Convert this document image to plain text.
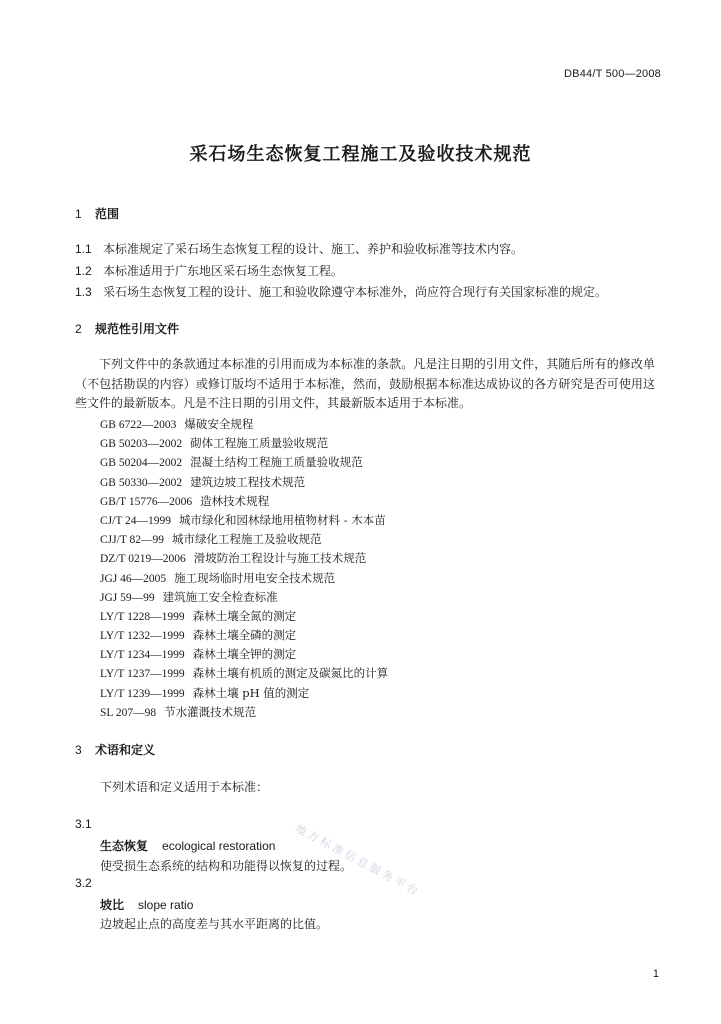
DB44/T 500—2008
采石场生态恢复工程施工及验收技术规范
1 范围
1.1 本标准规定了采石场生态恢复工程的设计、施工、养护和验收标准等技术内容。
1.2 本标准适用于广东地区采石场生态恢复工程。
1.3 采石场生态恢复工程的设计、施工和验收除遵守本标准外，尚应符合现行有关国家标准的规定。
2 规范性引用文件
下列文件中的条款通过本标准的引用而成为本标准的条款。凡是注日期的引用文件，其随后所有的修改单（不包括勘误的内容）或修订版均不适用于本标准，然而，鼓励根据本标准达成协议的各方研究是否可使用这些文件的最新版本。凡是不注日期的引用文件，其最新版本适用于本标准。
GB 6722—2003 爆破安全规程
GB 50203—2002 砌体工程施工质量验收规范
GB 50204—2002 混凝土结构工程施工质量验收规范
GB 50330—2002 建筑边坡工程技术规范
GB/T 15776—2006 造林技术规程
CJ/T 24—1999 城市绿化和园林绿地用植物材料 - 木本苗
CJJ/T 82—99 城市绿化工程施工及验收规范
DZ/T 0219—2006 滑坡防治工程设计与施工技术规范
JGJ 46—2005 施工现场临时用电安全技术规范
JGJ 59—99 建筑施工安全检查标准
LY/T 1228—1999 森林土壤全氮的测定
LY/T 1232—1999 森林土壤全磷的测定
LY/T 1234—1999 森林土壤全钾的测定
LY/T 1237—1999 森林土壤有机质的测定及碳氮比的计算
LY/T 1239—1999 森林土壤 pH 值的测定
SL 207—98 节水灌溉技术规范
3 术语和定义
下列术语和定义适用于本标准：
3.1
生态恢复 ecological restoration
使受损生态系统的结构和功能得以恢复的过程。
3.2
坡比 slope ratio
边坡起止点的高度差与其水平距离的比值。
地方标准信息服务平台
1
